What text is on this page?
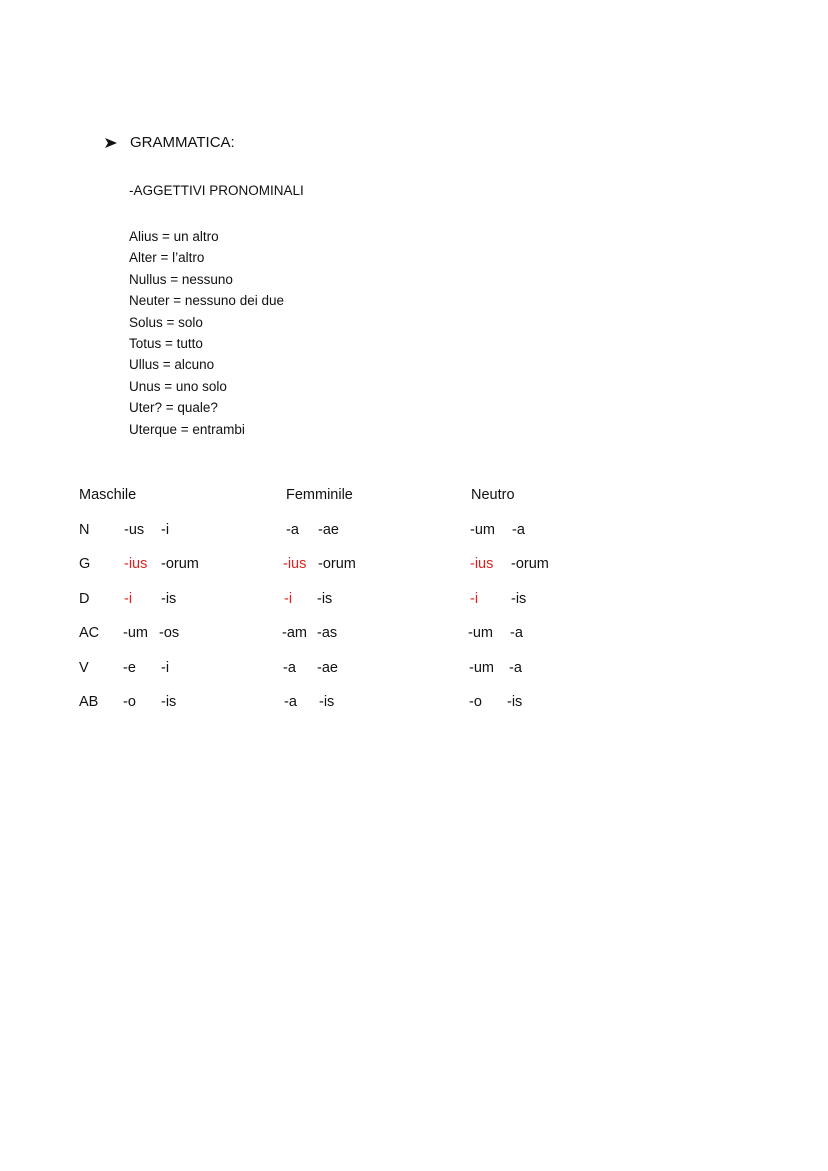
GRAMMATICA:
-AGGETTIVI PRONOMINALI
Alius = un altro
Alter = l’altro
Nullus = nessuno
Neuter = nessuno dei due
Solus = solo
Totus = tutto
Ullus = alcuno
Unus = uno solo
Uter? = quale?
Uterque = entrambi
Maschile	Femminile	Neutro
N -us -i	-a -ae	-um -a
G -ius -orum	-ius -orum	-ius -orum
D -i -is	-i -is	-i -is
AC -um -os	-am -as	-um -a
V -e -i	-a -ae	-um -a
AB -o -is	-a -is	-o -is
